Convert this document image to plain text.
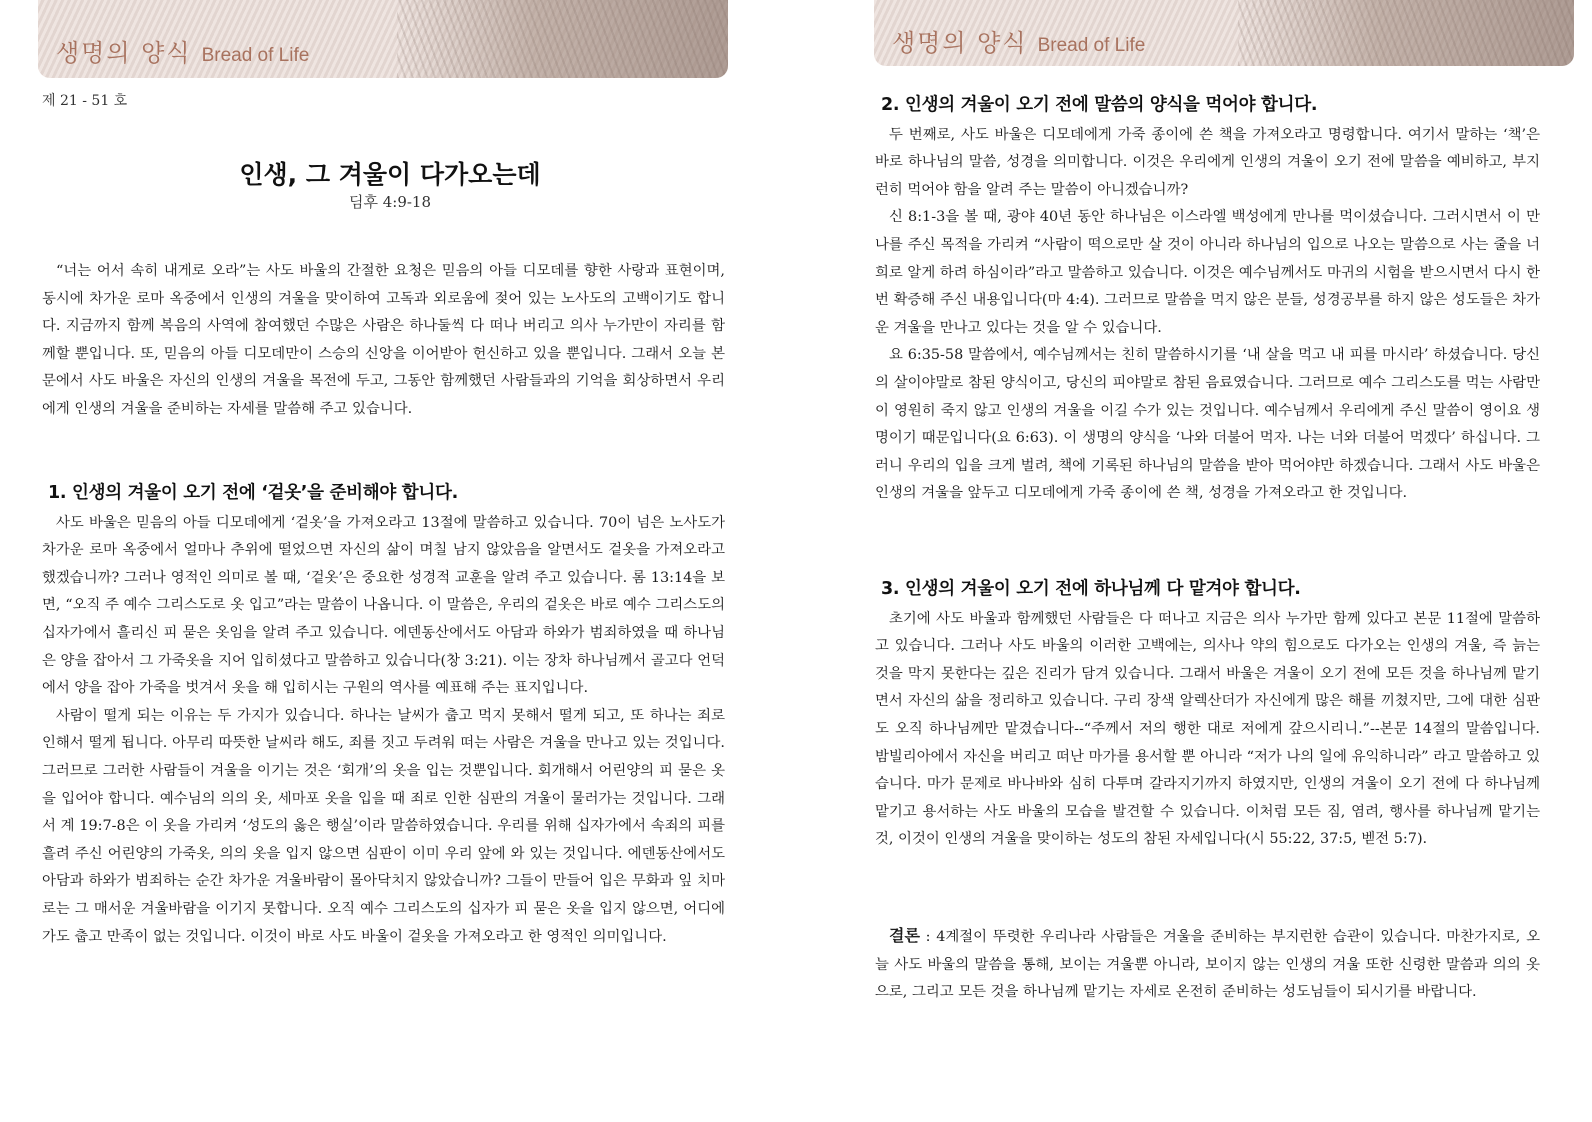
생명의 양식 Bread of Life
제 21 - 51 호
인생, 그 겨울이 다가오는데
딤후 4:9-18

“너는 어서 속히 내게로 오라”는 사도 바울의 간절한 요청은 믿음의 아들 디모데를 향한 사랑과 표현이며, 동시에 차가운 로마 옥중에서 인생의 겨울을 맞이하여 고독과 외로움에 젖어 있는 노사도의 고백이기도 합니다. 지금까지 함께 복음의 사역에 참여했던 수많은 사람은 하나둘씩 다 떠나 버리고 의사 누가만이 자리를 함께할 뿐입니다. 또, 믿음의 아들 디모데만이 스승의 신앙을 이어받아 헌신하고 있을 뿐입니다. 그래서 오늘 본문에서 사도 바울은 자신의 인생의 겨울을 목전에 두고, 그동안 함께했던 사람들과의 기억을 회상하면서 우리에게 인생의 겨울을 준비하는 자세를 말씀해 주고 있습니다.

1. 인생의 겨울이 오기 전에 ‘겉옷’을 준비해야 합니다.

사도 바울은 믿음의 아들 디모데에게 ‘겉옷’을 가져오라고 13절에 말씀하고 있습니다. 70이 넘은 노사도가 차가운 로마 옥중에서 얼마나 추위에 떨었으면 자신의 삶이 며칠 남지 않았음을 알면서도 겉옷을 가져오라고 했겠습니까? 그러나 영적인 의미로 볼 때, ‘겉옷’은 중요한 성경적 교훈을 알려 주고 있습니다. 롬 13:14을 보면, “오직 주 예수 그리스도로 옷 입고”라는 말씀이 나옵니다. 이 말씀은, 우리의 겉옷은 바로 예수 그리스도의 십자가에서 흘리신 피 묻은 옷임을 알려 주고 있습니다. 에덴동산에서도 아담과 하와가 범죄하였을 때 하나님은 양을 잡아서 그 가죽옷을 지어 입히셨다고 말씀하고 있습니다(창 3:21). 이는 장차 하나님께서 골고다 언덕에서 양을 잡아 가죽을 벗겨서 옷을 해 입히시는 구원의 역사를 예표해 주는 표지입니다.

사람이 떨게 되는 이유는 두 가지가 있습니다. 하나는 날씨가 춥고 먹지 못해서 떨게 되고, 또 하나는 죄로 인해서 떨게 됩니다. 아무리 따뜻한 날씨라 해도, 죄를 짓고 두려워 떠는 사람은 겨울을 만나고 있는 것입니다. 그러므로 그러한 사람들이 겨울을 이기는 것은 ‘회개’의 옷을 입는 것뿐입니다. 회개해서 어린양의 피 묻은 옷을 입어야 합니다. 예수님의 의의 옷, 세마포 옷을 입을 때 죄로 인한 심판의 겨울이 물러가는 것입니다. 그래서 계 19:7-8은 이 옷을 가리켜 ‘성도의 옳은 행실’이라 말씀하였습니다. 우리를 위해 십자가에서 속죄의 피를 흘려 주신 어린양의 가죽옷, 의의 옷을 입지 않으면 심판이 이미 우리 앞에 와 있는 것입니다. 에덴동산에서도 아담과 하와가 범죄하는 순간 차가운 겨울바람이 몰아닥치지 않았습니까? 그들이 만들어 입은 무화과 잎 치마로는 그 매서운 겨울바람을 이기지 못합니다. 오직 예수 그리스도의 십자가 피 묻은 옷을 입지 않으면, 어디에 가도 춥고 만족이 없는 것입니다. 이것이 바로 사도 바울이 겉옷을 가져오라고 한 영적인 의미입니다.

생명의 양식 Bread of Life
2. 인생의 겨울이 오기 전에 말씀의 양식을 먹어야 합니다.

두 번째로, 사도 바울은 디모데에게 가죽 종이에 쓴 책을 가져오라고 명령합니다. 여기서 말하는 ‘책’은 바로 하나님의 말씀, 성경을 의미합니다. 이것은 우리에게 인생의 겨울이 오기 전에 말씀을 예비하고, 부지런히 먹어야 함을 알려 주는 말씀이 아니겠습니까?

신 8:1-3을 볼 때, 광야 40년 동안 하나님은 이스라엘 백성에게 만나를 먹이셨습니다. 그러시면서 이 만나를 주신 목적을 가리켜 “사람이 떡으로만 살 것이 아니라 하나님의 입으로 나오는 말씀으로 사는 줄을 너희로 알게 하려 하심이라”라고 말씀하고 있습니다. 이것은 예수님께서도 마귀의 시험을 받으시면서 다시 한번 확증해 주신 내용입니다(마 4:4). 그러므로 말씀을 먹지 않은 분들, 성경공부를 하지 않은 성도들은 차가운 겨울을 만나고 있다는 것을 알 수 있습니다.

요 6:35-58 말씀에서, 예수님께서는 친히 말씀하시기를 ‘내 살을 먹고 내 피를 마시라’ 하셨습니다. 당신의 살이야말로 참된 양식이고, 당신의 피야말로 참된 음료였습니다. 그러므로 예수 그리스도를 먹는 사람만이 영원히 죽지 않고 인생의 겨울을 이길 수가 있는 것입니다. 예수님께서 우리에게 주신 말씀이 영이요 생명이기 때문입니다(요 6:63). 이 생명의 양식을 ‘나와 더불어 먹자. 나는 너와 더불어 먹겠다’ 하십니다. 그러니 우리의 입을 크게 벌려, 책에 기록된 하나님의 말씀을 받아 먹어야만 하겠습니다. 그래서 사도 바울은 인생의 겨울을 앞두고 디모데에게 가죽 종이에 쓴 책, 성경을 가져오라고 한 것입니다.

3. 인생의 겨울이 오기 전에 하나님께 다 맡겨야 합니다.

초기에 사도 바울과 함께했던 사람들은 다 떠나고 지금은 의사 누가만 함께 있다고 본문 11절에 말씀하고 있습니다. 그러나 사도 바울의 이러한 고백에는, 의사나 약의 힘으로도 다가오는 인생의 겨울, 즉 늙는 것을 막지 못한다는 깊은 진리가 담겨 있습니다. 그래서 바울은 겨울이 오기 전에 모든 것을 하나님께 맡기면서 자신의 삶을 정리하고 있습니다. 구리 장색 알렉산더가 자신에게 많은 해를 끼쳤지만, 그에 대한 심판도 오직 하나님께만 맡겼습니다--“주께서 저의 행한 대로 저에게 갚으시리니.”--본문 14절의 말씀입니다. 밤빌리아에서 자신을 버리고 떠난 마가를 용서할 뿐 아니라 “저가 나의 일에 유익하니라” 라고 말씀하고 있습니다. 마가 문제로 바나바와 심히 다투며 갈라지기까지 하였지만, 인생의 겨울이 오기 전에 다 하나님께 맡기고 용서하는 사도 바울의 모습을 발견할 수 있습니다. 이처럼 모든 짐, 염려, 행사를 하나님께 맡기는 것, 이것이 인생의 겨울을 맞이하는 성도의 참된 자세입니다(시 55:22, 37:5, 벧전 5:7).

결론 : 4계절이 뚜렷한 우리나라 사람들은 겨울을 준비하는 부지런한 습관이 있습니다. 마찬가지로, 오늘 사도 바울의 말씀을 통해, 보이는 겨울뿐 아니라, 보이지 않는 인생의 겨울 또한 신령한 말씀과 의의 옷으로, 그리고 모든 것을 하나님께 맡기는 자세로 온전히 준비하는 성도님들이 되시기를 바랍니다.
